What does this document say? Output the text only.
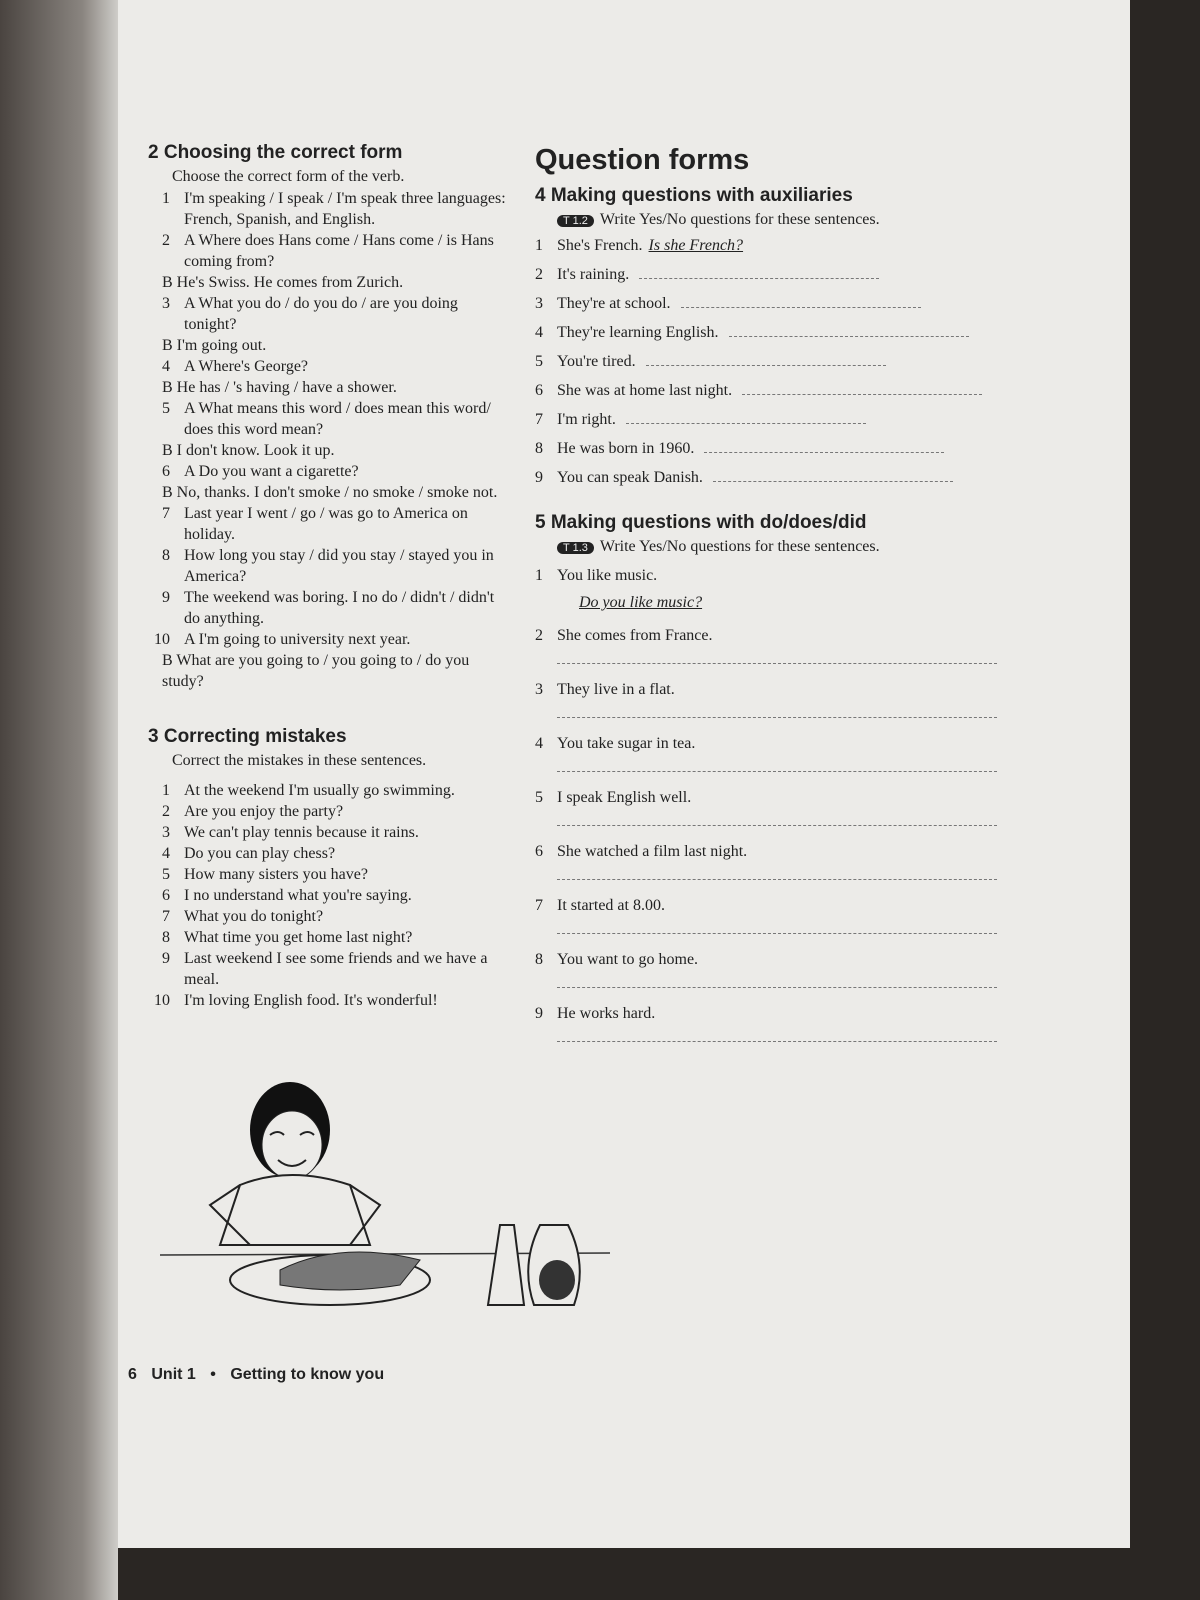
2 Choosing the correct form
Choose the correct form of the verb.
1 I'm speaking / I speak / I'm speak three languages: French, Spanish, and English.
2 A Where does Hans come / Hans come / is Hans coming from?
B He's Swiss. He comes from Zurich.
3 A What you do / do you do / are you doing tonight?
B I'm going out.
4 A Where's George?
B He has / 's having / have a shower.
5 A What means this word / does mean this word/ does this word mean?
B I don't know. Look it up.
6 A Do you want a cigarette?
B No, thanks. I don't smoke / no smoke / smoke not.
7 Last year I went / go / was go to America on holiday.
8 How long you stay / did you stay / stayed you in America?
9 The weekend was boring. I no do / didn't / didn't do anything.
10 A I'm going to university next year.
B What are you going to / you going to / do you study?
3 Correcting mistakes
Correct the mistakes in these sentences.
1 At the weekend I'm usually go swimming.
2 Are you enjoy the party?
3 We can't play tennis because it rains.
4 Do you can play chess?
5 How many sisters you have?
6 I no understand what you're saying.
7 What you do tonight?
8 What time you get home last night?
9 Last weekend I see some friends and we have a meal.
10 I'm loving English food. It's wonderful!
Question forms
4 Making questions with auxiliaries
T 1.2 Write Yes/No questions for these sentences.
1 She's French. Is she French?
2 It's raining.
3 They're at school.
4 They're learning English.
5 You're tired.
6 She was at home last night.
7 I'm right.
8 He was born in 1960.
9 You can speak Danish.
5 Making questions with do/does/did
T 1.3 Write Yes/No questions for these sentences.
1 You like music.
Do you like music?
2 She comes from France.
3 They live in a flat.
4 You take sugar in tea.
5 I speak English well.
6 She watched a film last night.
7 It started at 8.00.
8 You want to go home.
9 He works hard.
6 Unit 1 • Getting to know you
